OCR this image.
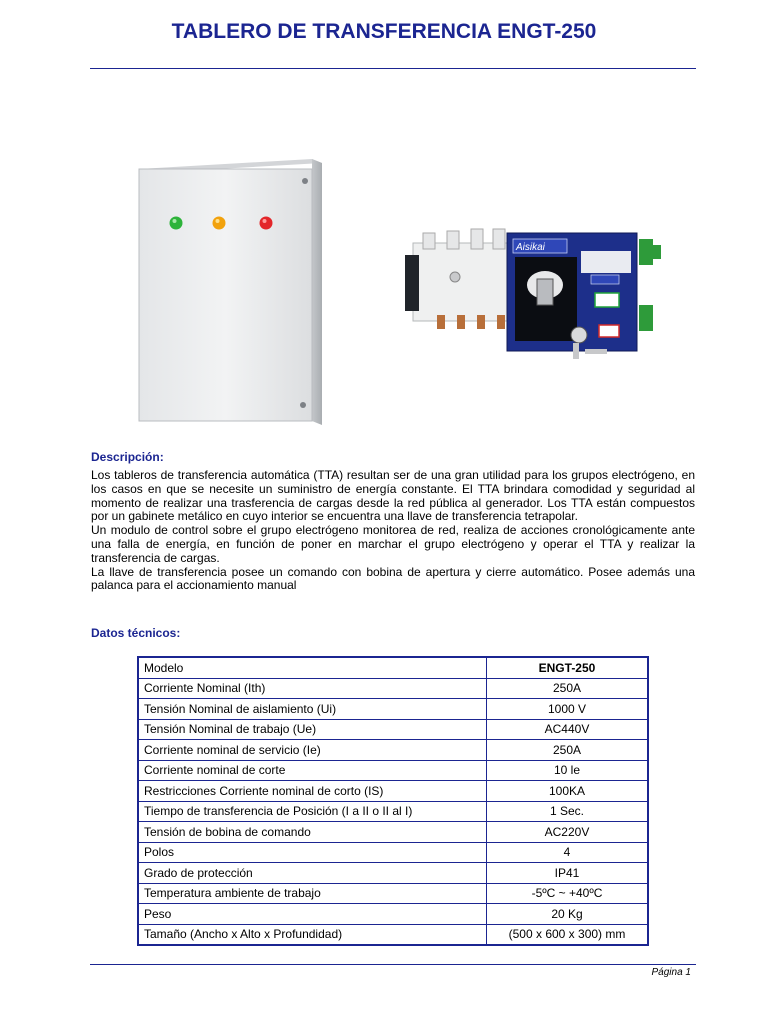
TABLERO DE TRANSFERENCIA ENGT-250
Aisikai
Descripción:

Los tableros de transferencia automática (TTA) resultan ser de una gran utilidad para los grupos electrógeno, en los casos en que se necesite un suministro de energía constante. El TTA brindara comodidad y seguridad al momento de realizar una trasferencia de cargas desde la red pública al generador. Los TTA están compuestos por un gabinete metálico en cuyo interior se encuentra una llave de transferencia tetrapolar.

Un modulo de control sobre el grupo electrógeno monitorea de red, realiza de acciones cronológicamente ante una falla de energía, en función de poner en marchar el grupo electrógeno y operar el TTA y realizar la transferencia de cargas.

La llave de transferencia posee un comando con bobina de apertura y cierre automático. Posee además una palanca para el accionamiento manual

Datos técnicos:
Modelo	ENGT-250
Corriente Nominal (Ith)	250A
Tensión Nominal de aislamiento (Ui)	1000 V
Tensión Nominal de trabajo (Ue)	AC440V
Corriente nominal de servicio (Ie)	250A
Corriente nominal de corte	10 le
Restricciones Corriente nominal de corto (IS)	100KA
Tiempo de transferencia de Posición (I a II o II al I)	1 Sec.
Tensión de bobina de comando	AC220V
Polos	4
Grado de protección	IP41
Temperatura ambiente de trabajo	-5ºC ~ +40ºC
Peso	20 Kg
Tamaño (Ancho x Alto x Profundidad)	(500 x 600 x 300) mm
Página 1
